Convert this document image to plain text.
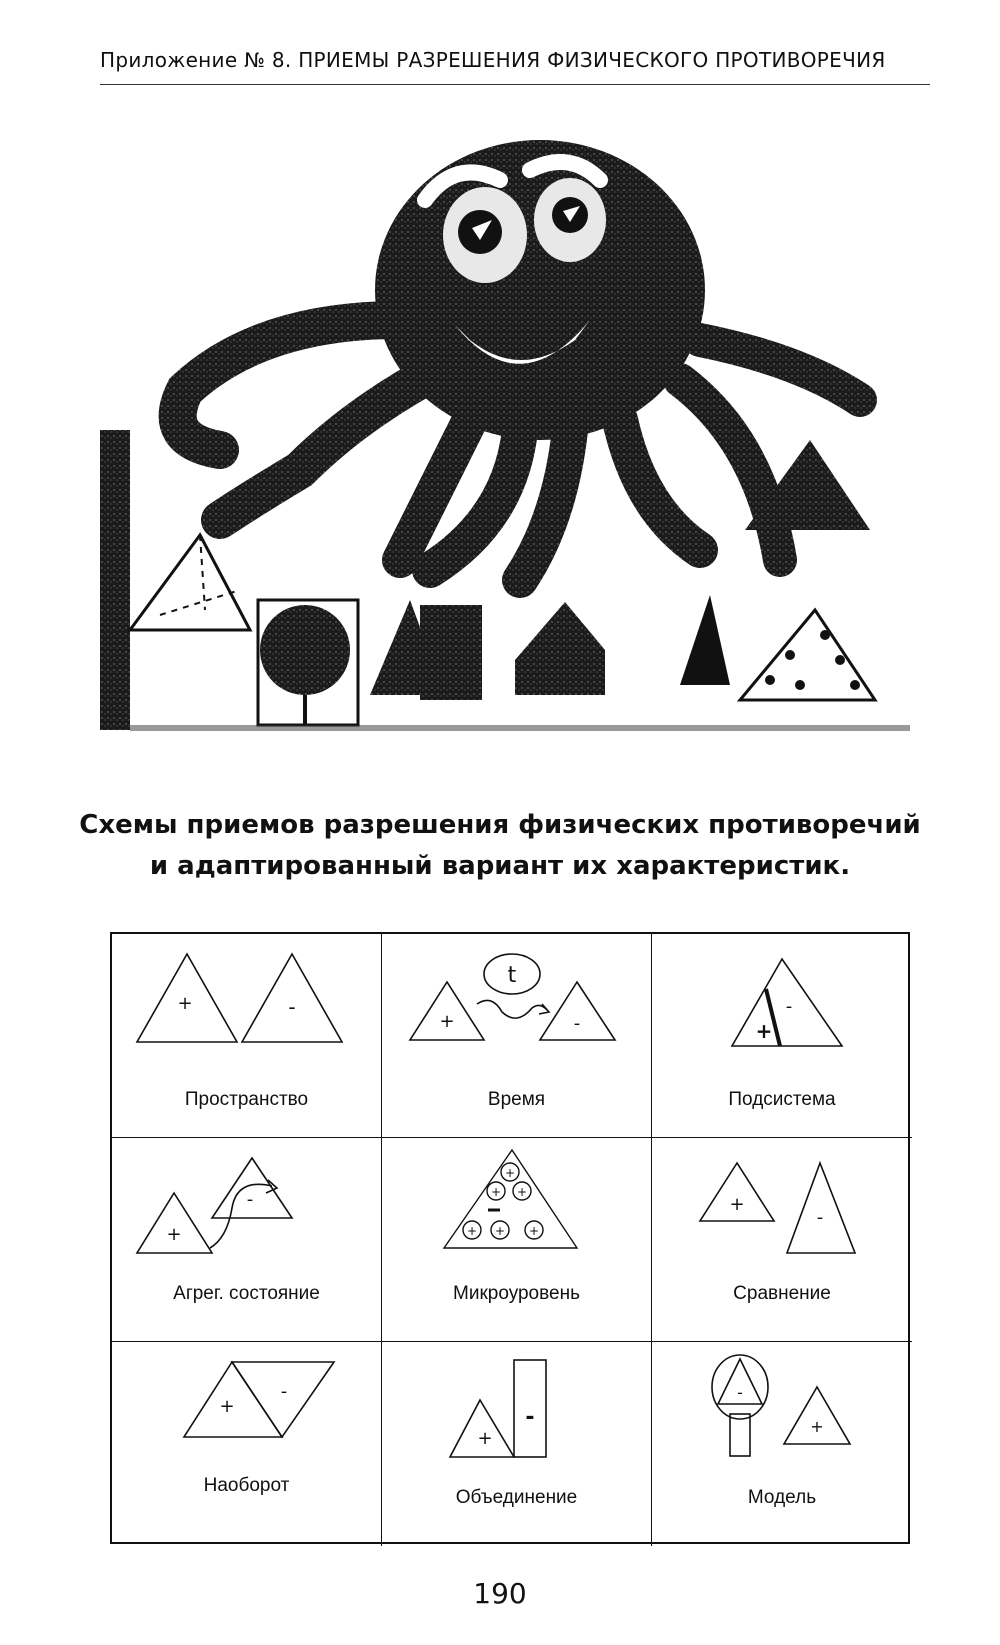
Приложение № 8. ПРИЕМЫ РАЗРЕШЕНИЯ ФИЗИЧЕСКОГО ПРОТИВОРЕЧИЯ
Схемы приемов разрешения физических противоречий
и адаптированный вариант их характеристик.
+	-
Пространство
t
+	-
Время
+
-
Подсистема
+
-
Агрег. состояние
+
+ +
+ + +
Микроуровень
+
-
Сравнение
+
-
Наоборот
+
-
Объединение
-
+
Модель
190
